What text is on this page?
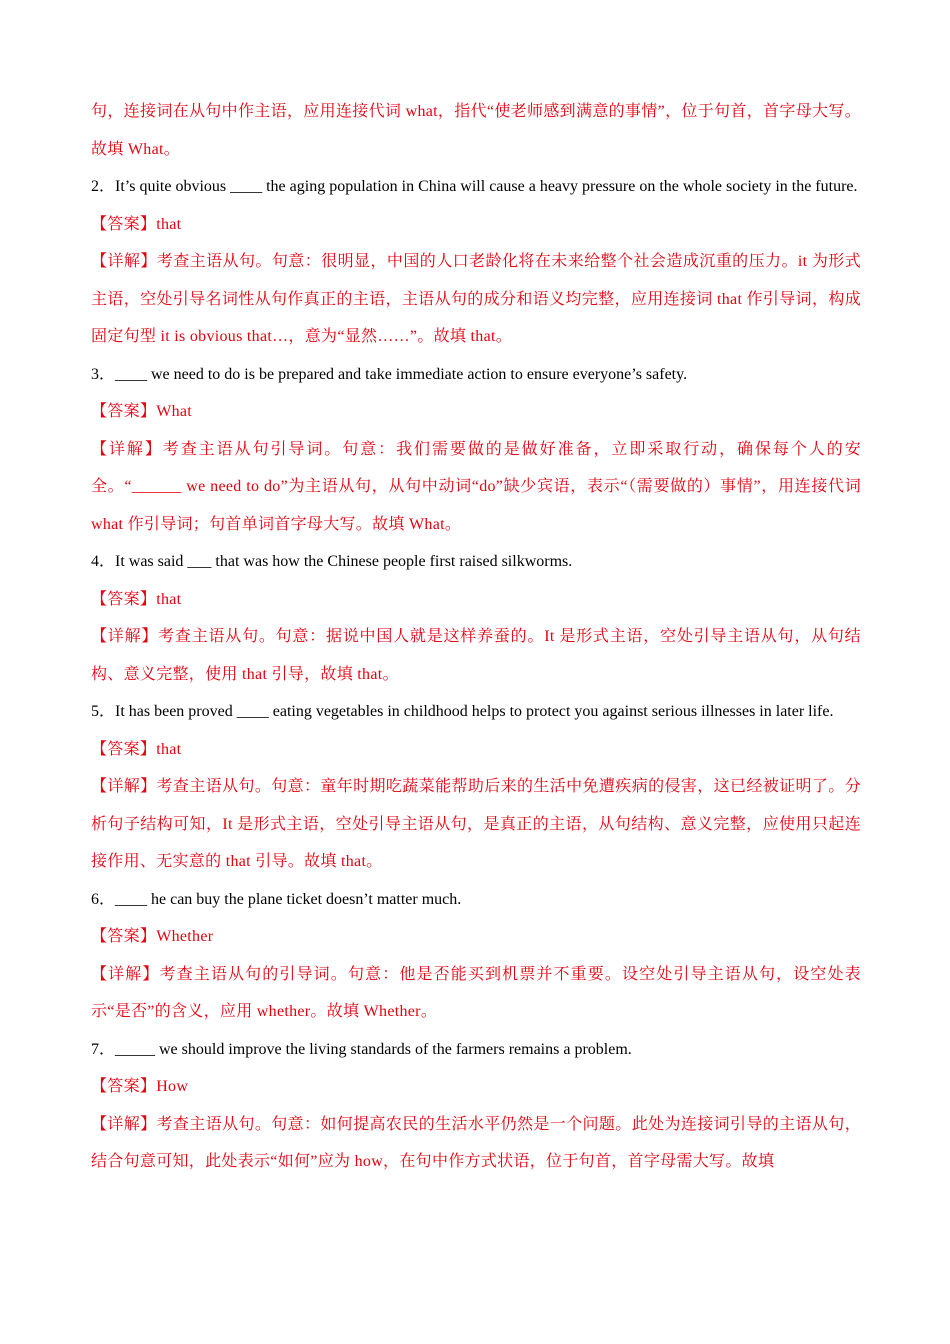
句，连接词在从句中作主语，应用连接代词 what，指代“使老师感到满意的事情”，位于句首，首字母大写。故填 What。
2．It’s quite obvious ____ the aging population in China will cause a heavy pressure on the whole society in the future.
【答案】that
【详解】考查主语从句。句意：很明显，中国的人口老龄化将在未来给整个社会造成沉重的压力。it 为形式主语，空处引导名词性从句作真正的主语，主语从句的成分和语义均完整，应用连接词 that 作引导词，构成固定句型 it is obvious that…，意为“显然……”。故填 that。
3．____ we need to do is be prepared and take immediate action to ensure everyone’s safety.
【答案】What
【详解】考查主语从句引导词。句意：我们需要做的是做好准备，立即采取行动，确保每个人的安全。“______ we need to do”为主语从句，从句中动词“do”缺少宾语，表示“（需要做的）事情”，用连接代词 what 作引导词；句首单词首字母大写。故填 What。
4．It was said ___ that was how the Chinese people first raised silkworms.
【答案】that
【详解】考查主语从句。句意：据说中国人就是这样养蚕的。It 是形式主语，空处引导主语从句，从句结构、意义完整，使用 that 引导，故填 that。
5．It has been proved ____ eating vegetables in childhood helps to protect you against serious illnesses in later life.
【答案】that
【详解】考查主语从句。句意：童年时期吃蔬菜能帮助后来的生活中免遭疾病的侵害，这已经被证明了。分析句子结构可知，It 是形式主语，空处引导主语从句，是真正的主语，从句结构、意义完整，应使用只起连接作用、无实意的 that 引导。故填 that。
6．____ he can buy the plane ticket doesn’t matter much.
【答案】Whether
【详解】考查主语从句的引导词。句意：他是否能买到机票并不重要。设空处引导主语从句，设空处表示“是否”的含义，应用 whether。故填 Whether。
7．_____ we should improve the living standards of the farmers remains a problem.
【答案】How
【详解】考查主语从句。句意：如何提高农民的生活水平仍然是一个问题。此处为连接词引导的主语从句，结合句意可知，此处表示“如何”应为 how，在句中作方式状语，位于句首，首字母需大写。故填
